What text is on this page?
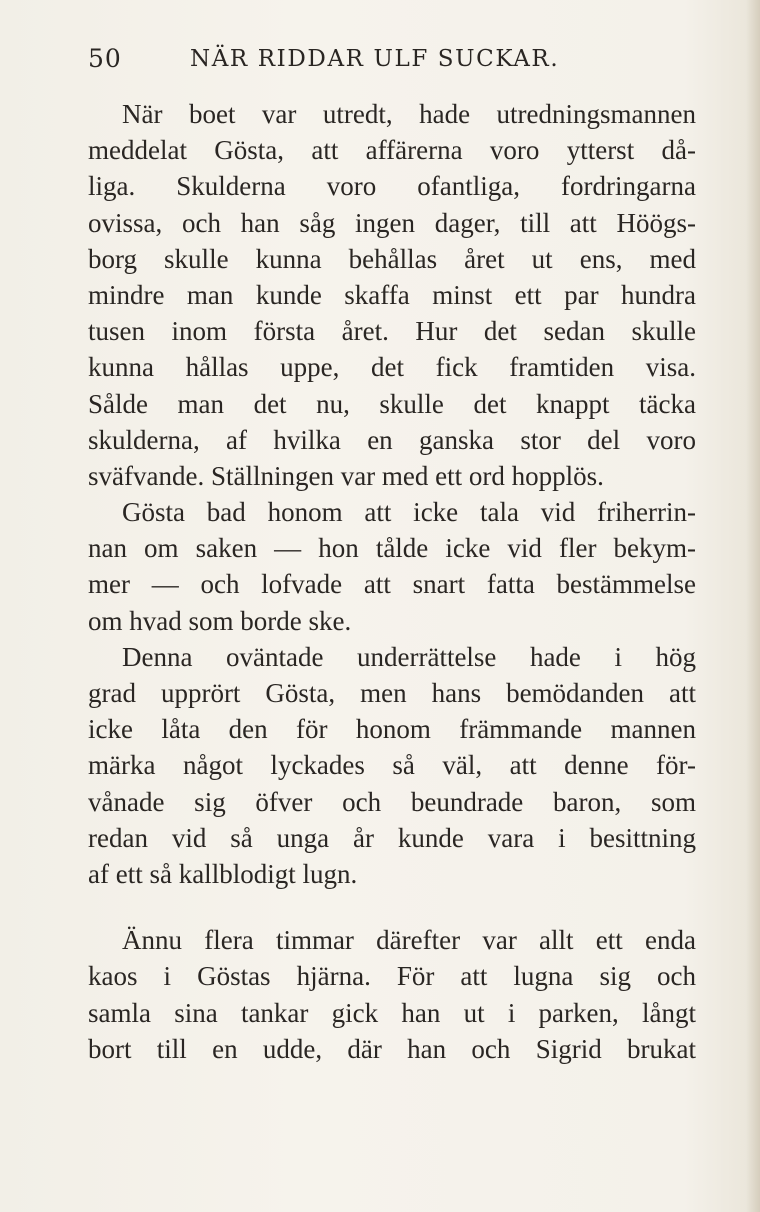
50	NÄR RIDDAR ULF SUCKAR.
När boet var utredt, hade utredningsmannen
meddelat Gösta, att affärerna voro ytterst då-
liga. Skulderna voro ofantliga, fordringarna
ovissa, och han såg ingen dager, till att Höögs-
borg skulle kunna behållas året ut ens, med
mindre man kunde skaffa minst ett par hundra
tusen inom första året. Hur det sedan skulle
kunna hållas uppe, det fick framtiden visa.
Sålde man det nu, skulle det knappt täcka
skulderna, af hvilka en ganska stor del voro
sväfvande. Ställningen var med ett ord hopplös.
Gösta bad honom att icke tala vid friherrin-
nan om saken — hon tålde icke vid fler bekym-
mer — och lofvade att snart fatta bestämmelse
om hvad som borde ske.
Denna oväntade underrättelse hade i hög
grad upprört Gösta, men hans bemödanden att
icke låta den för honom främmande mannen
märka något lyckades så väl, att denne för-
vånade sig öfver och beundrade baron, som
redan vid så unga år kunde vara i besittning
af ett så kallblodigt lugn.
Ännu flera timmar därefter var allt ett enda
kaos i Göstas hjärna. För att lugna sig och
samla sina tankar gick han ut i parken, långt
bort till en udde, där han och Sigrid brukat
